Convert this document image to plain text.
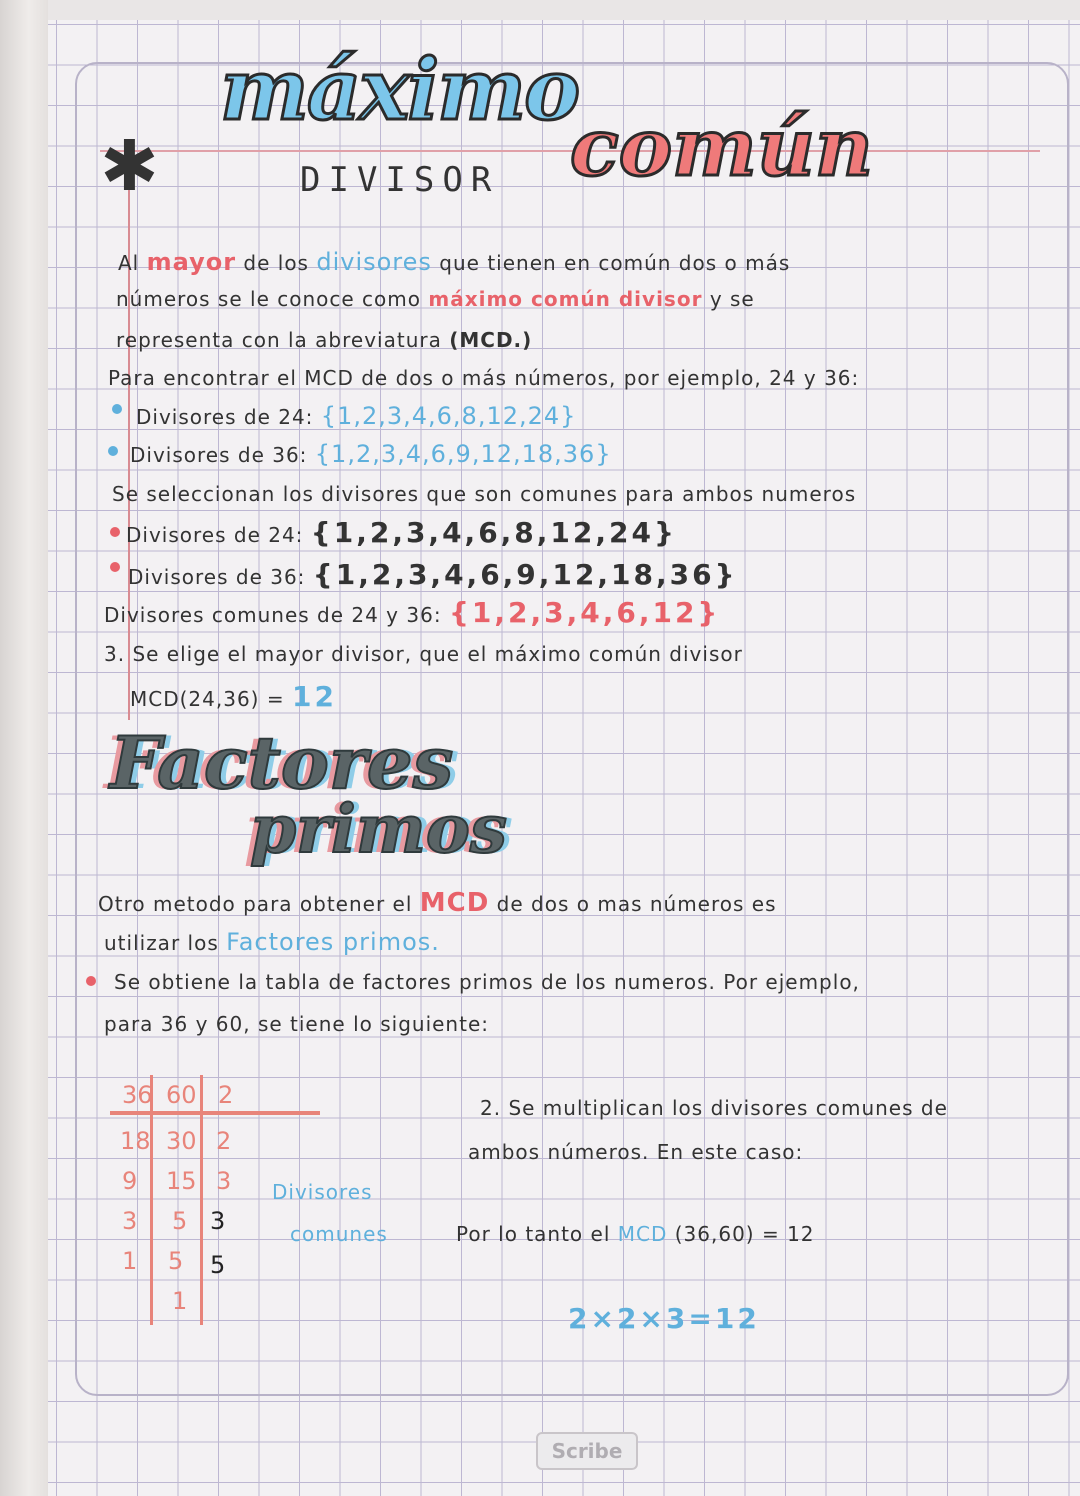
✱
máximo
común
DIVISOR
Al mayor de los divisores que tienen en común dos o más
números se le conoce como máximo común divisor y se
representa con la abreviatura (MCD.)
Para encontrar el MCD de dos o más números, por ejemplo, 24 y 36:
Divisores de 24: {1,2,3,4,6,8,12,24}
Divisores de 36: {1,2,3,4,6,9,12,18,36}
Se seleccionan los divisores que son comunes para ambos numeros
Divisores de 24: {1,2,3,4,6,8,12,24}
Divisores de 36: {1,2,3,4,6,9,12,18,36}
Divisores comunes de 24 y 36: {1,2,3,4,6,12}
3. Se elige el mayor divisor, que el máximo común divisor
MCD(24,36) = 12
Factores
primos
Otro metodo para obtener el MCD de dos o mas números es
utilizar los Factores primos.
Se obtiene la tabla de factores primos de los numeros. Por ejemplo,
para 36 y 60, se tiene lo siguiente:
36 60 2
18 30 2
9 15 3
3 5 3
1 5 5
1
Divisores
comunes
2. Se multiplican los divisores comunes de
ambos números. En este caso:
Por lo tanto el MCD (36,60) = 12
2×2×3=12
Scribe
